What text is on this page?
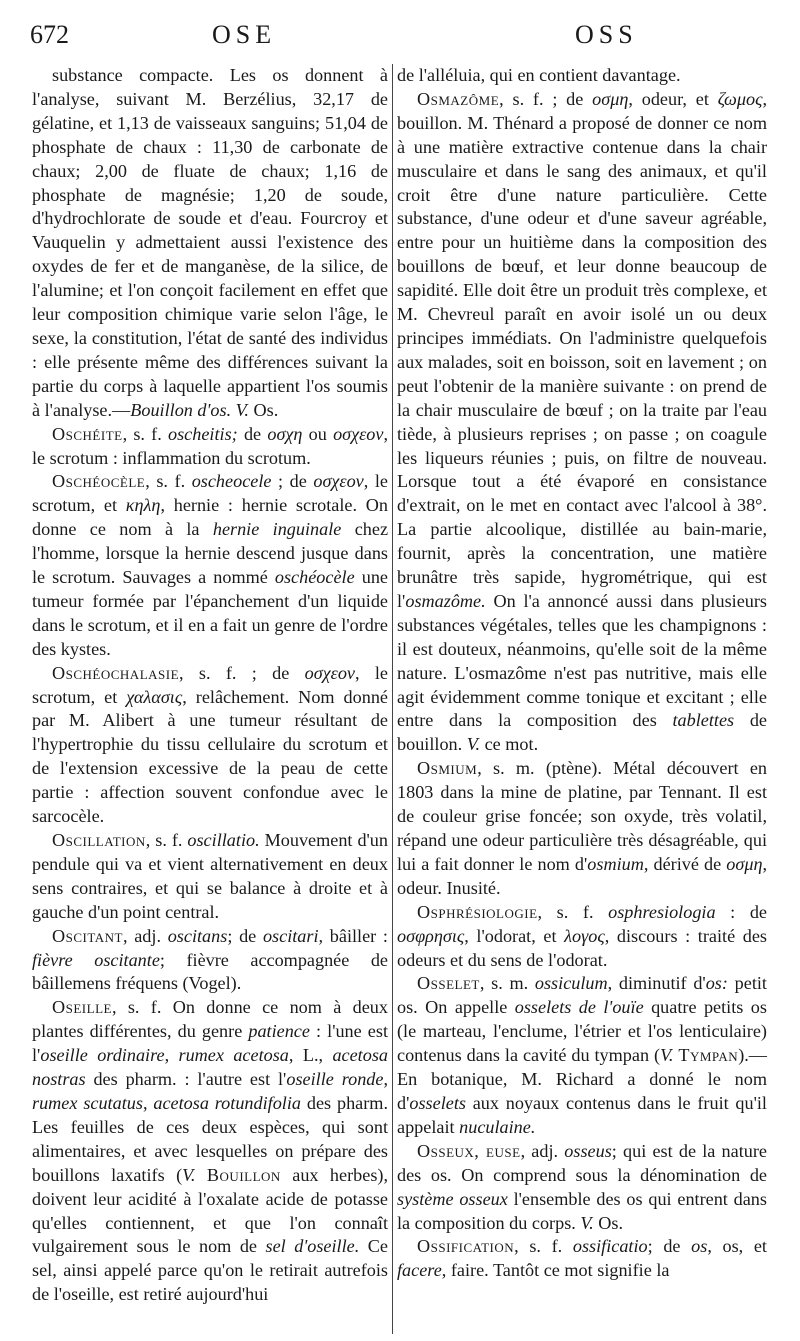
672	OSE	OSS

substance compacte. Les os donnent à l'analyse, suivant M. Berzélius, 32,17 de gélatine, et 1,13 de vaisseaux sanguins; 51,04 de phosphate de chaux : 11,30 de carbonate de chaux; 2,00 de fluate de chaux; 1,16 de phosphate de magnésie; 1,20 de soude, d'hydrochlorate de soude et d'eau. Fourcroy et Vauquelin y admettaient aussi l'existence des oxydes de fer et de manganèse, de la silice, de l'alumine; et l'on conçoit facilement en effet que leur composition chimique varie selon l'âge, le sexe, la constitution, l'état de santé des individus : elle présente même des différences suivant la partie du corps à laquelle appartient l'os soumis à l'analyse.—Bouillon d'os. V. Os.

Oschéite, s. f. oscheitis; de οσχη ou οσχεον, le scrotum : inflammation du scrotum.

Oschéocèle, s. f. oscheocele ; de οσχεον, le scrotum, et κηλη, hernie : hernie scrotale. On donne ce nom à la hernie inguinale chez l'homme, lorsque la hernie descend jusque dans le scrotum. Sauvages a nommé oschéocèle une tumeur formée par l'épanchement d'un liquide dans le scrotum, et il en a fait un genre de l'ordre des kystes.

Oschéochalasie, s. f. ; de οσχεον, le scrotum, et χαλασις, relâchement. Nom donné par M. Alibert à une tumeur résultant de l'hypertrophie du tissu cellulaire du scrotum et de l'extension excessive de la peau de cette partie : affection souvent confondue avec le sarcocèle.

Oscillation, s. f. oscillatio. Mouvement d'un pendule qui va et vient alternativement en deux sens contraires, et qui se balance à droite et à gauche d'un point central.

Oscitant, adj. oscitans; de oscitari, bâiller : fièvre oscitante; fièvre accompagnée de bâillemens fréquens (Vogel).

Oseille, s. f. On donne ce nom à deux plantes différentes, du genre patience : l'une est l'oseille ordinaire, rumex acetosa, L., acetosa nostras des pharm. : l'autre est l'oseille ronde, rumex scutatus, acetosa rotundifolia des pharm. Les feuilles de ces deux espèces, qui sont alimentaires, et avec lesquelles on prépare des bouillons laxatifs (V. Bouillon aux herbes), doivent leur acidité à l'oxalate acide de potasse qu'elles contiennent, et que l'on connaît vulgairement sous le nom de sel d'oseille. Ce sel, ainsi appelé parce qu'on le retirait autrefois de l'oseille, est retiré aujourd'hui

de l'alléluia, qui en contient davantage.

Osmazôme, s. f. ; de οσμη, odeur, et ζωμος, bouillon. M. Thénard a proposé de donner ce nom à une matière extractive contenue dans la chair musculaire et dans le sang des animaux, et qu'il croit être d'une nature particulière. Cette substance, d'une odeur et d'une saveur agréable, entre pour un huitième dans la composition des bouillons de bœuf, et leur donne beaucoup de sapidité. Elle doit être un produit très complexe, et M. Chevreul paraît en avoir isolé un ou deux principes immédiats. On l'administre quelquefois aux malades, soit en boisson, soit en lavement ; on peut l'obtenir de la manière suivante : on prend de la chair musculaire de bœuf ; on la traite par l'eau tiède, à plusieurs reprises ; on passe ; on coagule les liqueurs réunies ; puis, on filtre de nouveau. Lorsque tout a été évaporé en consistance d'extrait, on le met en contact avec l'alcool à 38°. La partie alcoolique, distillée au bain-marie, fournit, après la concentration, une matière brunâtre très sapide, hygrométrique, qui est l'osmazôme. On l'a annoncé aussi dans plusieurs substances végétales, telles que les champignons : il est douteux, néanmoins, qu'elle soit de la même nature. L'osmazôme n'est pas nutritive, mais elle agit évidemment comme tonique et excitant ; elle entre dans la composition des tablettes de bouillon. V. ce mot.

Osmium, s. m. (ptène). Métal découvert en 1803 dans la mine de platine, par Tennant. Il est de couleur grise foncée; son oxyde, très volatil, répand une odeur particulière très désagréable, qui lui a fait donner le nom d'osmium, dérivé de οσμη, odeur. Inusité.

Osphrésiologie, s. f. osphresiologia : de οσφρησις, l'odorat, et λογος, discours : traité des odeurs et du sens de l'odorat.

Osselet, s. m. ossiculum, diminutif d'os: petit os. On appelle osselets de l'ouïe quatre petits os (le marteau, l'enclume, l'étrier et l'os lenticulaire) contenus dans la cavité du tympan (V. Tympan).—En botanique, M. Richard a donné le nom d'osselets aux noyaux contenus dans le fruit qu'il appelait nuculaine.

Osseux, euse, adj. osseus; qui est de la nature des os. On comprend sous la dénomination de système osseux l'ensemble des os qui entrent dans la composition du corps. V. Os.

Ossification, s. f. ossificatio; de os, os, et facere, faire. Tantôt ce mot signifie la
